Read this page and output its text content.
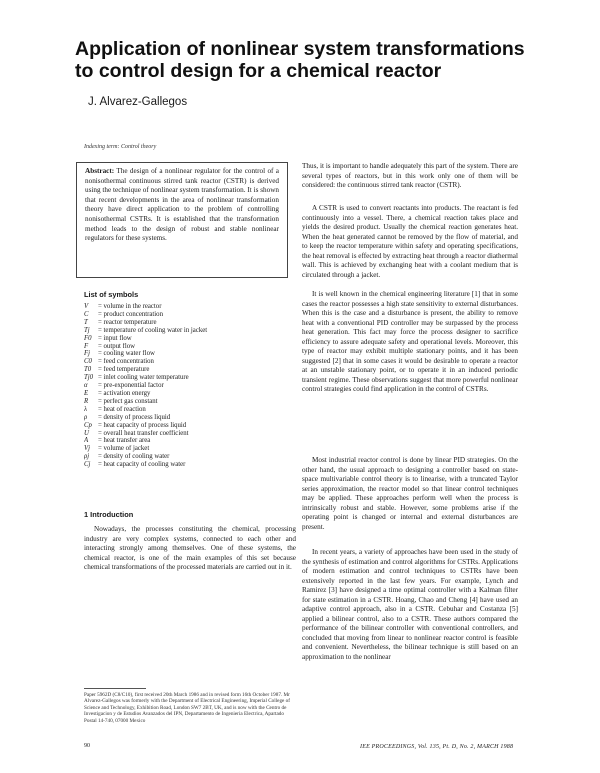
Application of nonlinear system transformations to control design for a chemical reactor
J. Alvarez-Gallegos
Indexing term: Control theory
Abstract: The design of a nonlinear regulator for the control of a nonisothermal continuous stirred tank reactor (CSTR) is derived using the technique of nonlinear system transformation. It is shown that recent developments in the area of nonlinear transformation theory have direct application to the problem of controlling nonisothermal CSTRs. It is established that the transformation method leads to the design of robust and stable nonlinear regulators for these systems.
List of symbols
V	= volume in the reactor
C	= product concentration
T	= reactor temperature
Tj	= temperature of cooling water in jacket
F0 = input flow
F	= output flow
Fj	= cooling water flow
C0 = feed concentration
T0	= feed temperature
Tj0 = inlet cooling water temperature
α	= pre-exponential factor
E	= activation energy
R	= perfect gas constant
λ	= heat of reaction
ρ	= density of process liquid
Cp = heat capacity of process liquid
U	= overall heat transfer coefficient
A	= heat transfer area
Vj	= volume of jacket
ρj	= density of cooling water
Cj	= heat capacity of cooling water
1 Introduction

Nowadays, the processes constituting the chemical, processing industry are very complex systems, connected to each other and interacting strongly among themselves. One of these systems, the chemical reactor, is one of the main examples of this set because chemical transformations of the processed materials are carried out in it.

Paper 5962D (C8/C10), first received 20th March 1986 and in revised form 16th October 1987. Mr Alvarez-Gallegos was formerly with the Department of Electrical Engineering, Imperial College of Science and Technology, Exhibition Road, London SW7 2BT, UK, and is now with the Centro de Investigacion y de Estudios Avanzados del IPN, Departamento de Ingenieria Electrica, Apartado Postal 14-740, 07000 Mexico
90

Thus, it is important to handle adequately this part of the system. There are several types of reactors, but in this work only one of them will be considered: the continuous stirred tank reactor (CSTR).

A CSTR is used to convert reactants into products. The reactant is fed continuously into a vessel. There, a chemical reaction takes place and yields the desired product. Usually the chemical reaction generates heat. When the heat generated cannot be removed by the flow of material, and to keep the reactor temperature within safety and operating specifications, the heat removal is effected by extracting heat through a reactor diathermal wall. This is achieved by exchanging heat with a coolant medium that is circulated through a jacket.

It is well known in the chemical engineering literature [1] that in some cases the reactor possesses a high state sensitivity to external disturbances. When this is the case and a disturbance is present, the ability to remove heat with a conventional PID controller may be surpassed by the process heat generation. This fact may force the process designer to sacrifice efficiency to assure adequate safety and operational levels. Moreover, this type of reactor may exhibit multiple stationary points, and it has been suggested [2] that in some cases it would be desirable to operate a reactor at an unstable stationary point, or to operate it in an induced periodic transient regime. These observations suggest that more powerful nonlinear control strategies could find application in the control of CSTRs.

Most industrial reactor control is done by linear PID strategies. On the other hand, the usual approach to designing a controller based on state-space multivariable control theory is to linearise, with a truncated Taylor series approximation, the reactor model so that linear control techniques may be applied. These approaches perform well when the process is intrinsically robust and stable. However, some problems arise if the operating point is changed or internal and external disturbances are present.

In recent years, a variety of approaches have been used in the study of the synthesis of estimation and control algorithms for CSTRs. Applications of modern estimation and control techniques to CSTRs have been extensively reported in the last few years. For example, Lynch and Ramirez [3] have designed a time optimal controller with a Kalman filter for state estimation in a CSTR. Hoang, Chao and Cheng [4] have used an adaptive control approach, also in a CSTR. Cebuhar and Costanza [5] applied a bilinear control, also to a CSTR. These authors compared the performance of the bilinear controller with conventional controllers, and concluded that moving from linear to nonlinear reactor control is feasible and convenient. Nevertheless, the bilinear technique is still based on an approximation to the nonlinear

IEE PROCEEDINGS, Vol. 135, Pt. D, No. 2, MARCH 1988
